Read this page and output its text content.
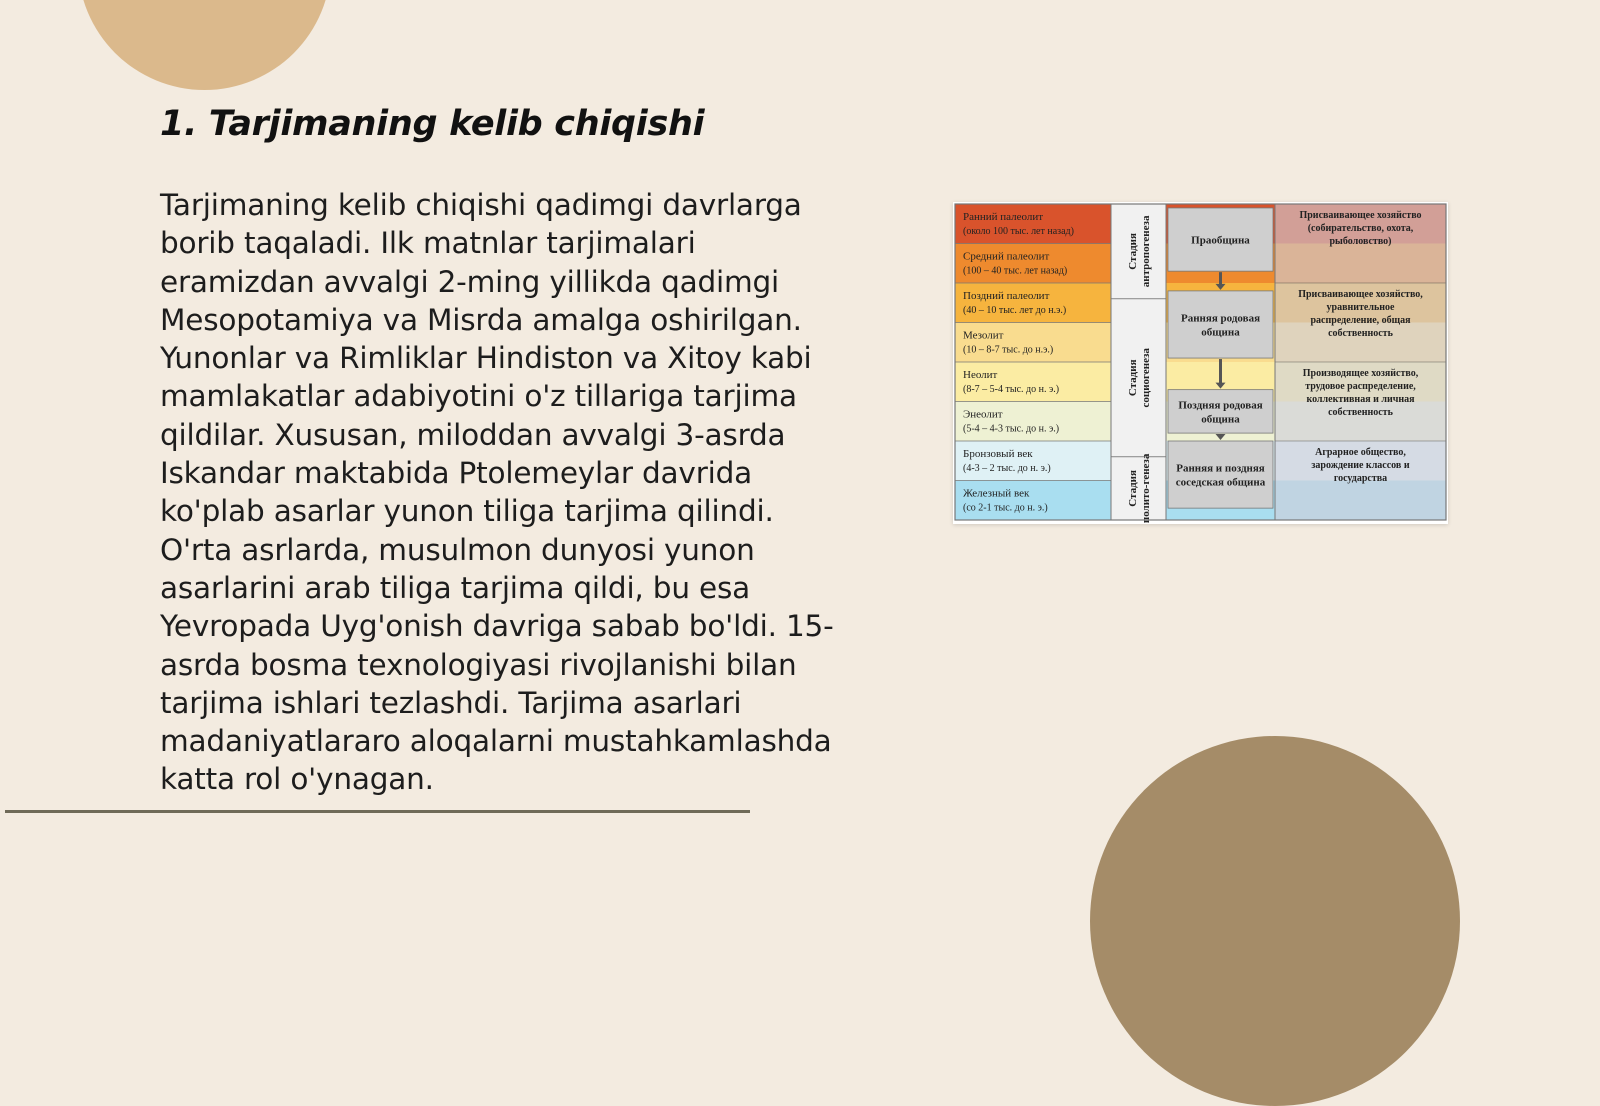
1. Tarjimaning kelib chiqishi

Tarjimaning kelib chiqishi qadimgi davrlarga borib taqaladi. Ilk matnlar tarjimalari eramizdan avvalgi 2-ming yillikda qadimgi Mesopotamiya va Misrda amalga oshirilgan. Yunonlar va Rimliklar Hindiston va Xitoy kabi mamlakatlar adabiyotini o'z tillariga tarjima qildilar. Xususan, miloddan avvalgi 3-asrda Iskandar maktabida Ptolemeylar davrida ko'plab asarlar yunon tiliga tarjima qilindi. O'rta asrlarda, musulmon dunyosi yunon asarlarini arab tiliga tarjima qildi, bu esa Yevropada Uyg'onish davriga sabab bo'ldi. 15-asrda bosma texnologiyasi rivojlanishi bilan tarjima ishlari tezlashdi. Tarjima asarlari madaniyatlararo aloqalarni mustahkamlashda katta rol o'ynagan.

Ранний палеолит
(около 100 тыс. лет назад)
Средний палеолит
(100 – 40 тыс. лет назад)
Поздний палеолит
(40 – 10 тыс. лет до н.э.)
Мезолит
(10 – 8-7 тыс. до н.э.)
Неолит
(8-7 – 5-4 тыс. до н. э.)
Энеолит
(5-4 – 4-3 тыс. до н. э.)
Бронзовый век
(4-3 – 2 тыс. до н. э.)
Железный век
(со 2-1 тыс. до н. э.)
Стадия антропогенеза
Стадия социогенеза
Стадия полито-генеза
Праобщина
Ранняя родовая
община
Поздняя родовая
община
Ранняя и поздняя
соседская община
Присваивающее хозяйство
(собирательство, охота,
рыболовство)
Присваивающее хозяйство,
уравнительное
распределение, общая
собственность
Производящее хозяйство,
трудовое распределение,
коллективная и личная
собственность
Аграрное общество,
зарождение классов и
государства
